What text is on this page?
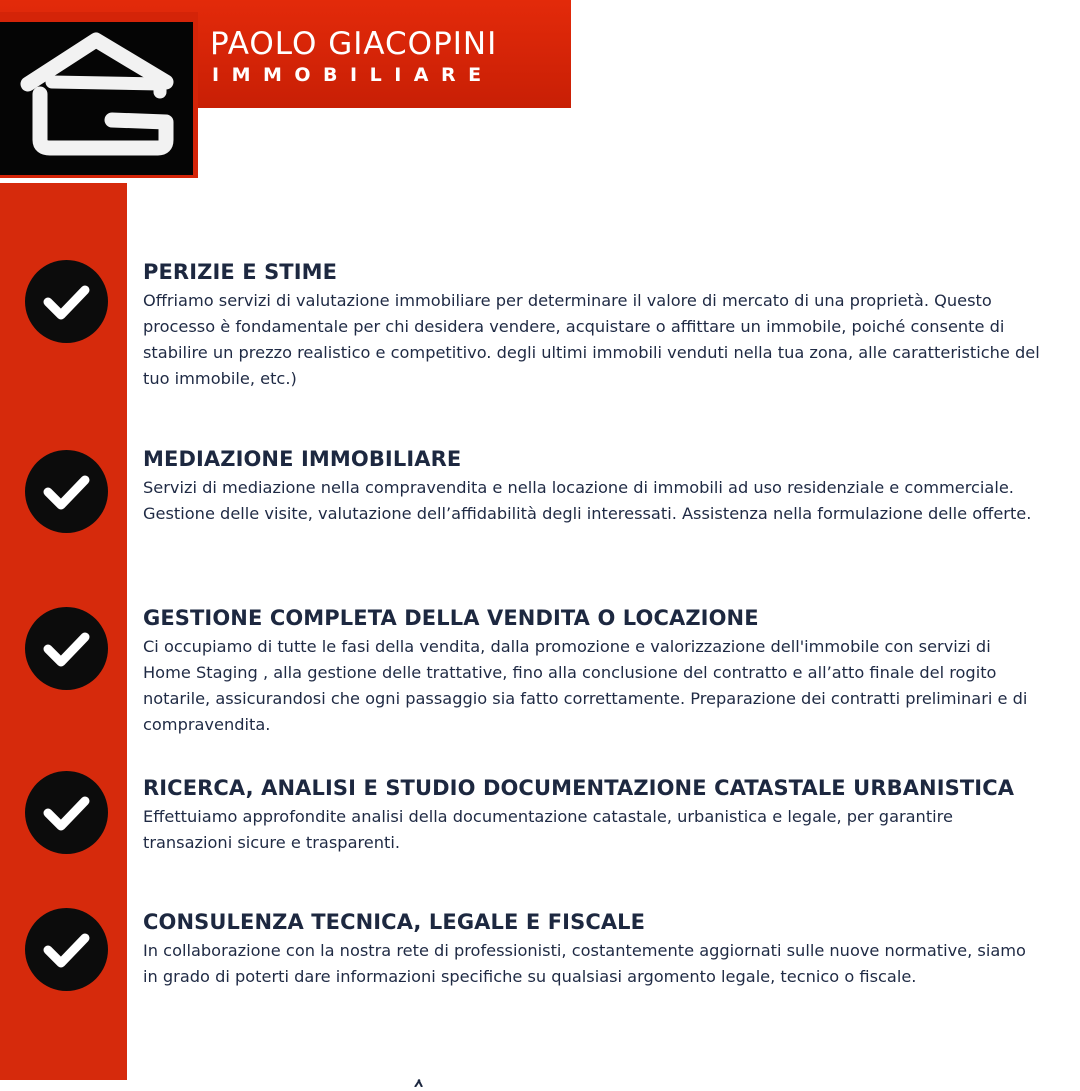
PAOLO GIACOPINI
IMMOBILIARE
PERIZIE E STIME

Offriamo servizi di valutazione immobiliare per determinare il valore di mercato di una proprietà. Questo processo è fondamentale per chi desidera vendere, acquistare o affittare un immobile, poiché consente di stabilire un prezzo realistico e competitivo. degli ultimi immobili venduti nella tua zona, alle caratteristiche del tuo immobile, etc.)

MEDIAZIONE IMMOBILIARE

Servizi di mediazione nella compravendita e nella locazione di immobili ad uso residenziale e commerciale. Gestione delle visite, valutazione dell’affidabilità degli interessati. Assistenza nella formulazione delle offerte.

GESTIONE COMPLETA DELLA VENDITA O LOCAZIONE

Ci occupiamo di tutte le fasi della vendita, dalla promozione e valorizzazione dell'immobile con servizi di Home Staging , alla gestione delle trattative, fino alla conclusione del contratto e all’atto finale del rogito notarile, assicurandosi che ogni passaggio sia fatto correttamente. Preparazione dei contratti preliminari e di compravendita.

RICERCA, ANALISI E STUDIO DOCUMENTAZIONE CATASTALE URBANISTICA

Effettuiamo approfondite analisi della documentazione catastale, urbanistica e legale, per garantire transazioni sicure e trasparenti.

CONSULENZA TECNICA, LEGALE E FISCALE

In collaborazione con la nostra rete di professionisti, costantemente aggiornati sulle nuove normative, siamo in grado di poterti dare informazioni specifiche su qualsiasi argomento legale, tecnico o fiscale.
